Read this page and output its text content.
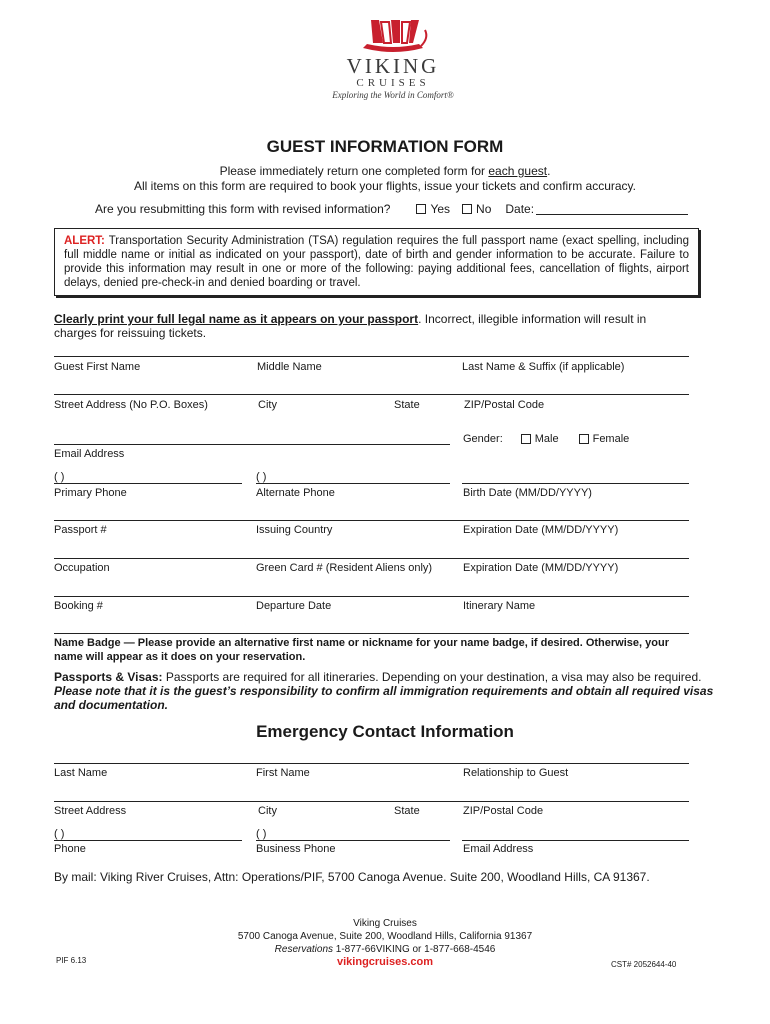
VIKING
CRUISES
Exploring the World in Comfort®
GUEST INFORMATION FORM
Please immediately return one completed form for each guest.
All items on this form are required to book your flights, issue your tickets and confirm accuracy.
Are you resubmitting this form with revised information?	Yes No Date:
ALERT: Transportation Security Administration (TSA) regulation requires the full passport name (exact spelling, including full middle name or initial as indicated on your passport), date of birth and gender information to be accurate. Failure to provide this information may result in one or more of the following: paying additional fees, cancellation of flights, airport delays, denied pre-check-in and denied boarding or travel.
Clearly print your full legal name as it appears on your passport. Incorrect, illegible information will result in charges for reissuing tickets.
Guest First Name	Middle Name	Last Name & Suffix (if applicable)
Street Address (No P.O. Boxes)	City	State	ZIP/Postal Code
Gender:	Male	Female
Email Address
( )	( )
Primary Phone	Alternate Phone	Birth Date (MM/DD/YYYY)
Passport #	Issuing Country	Expiration Date (MM/DD/YYYY)
Occupation	Green Card # (Resident Aliens only)	Expiration Date (MM/DD/YYYY)
Booking #	Departure Date	Itinerary Name
Name Badge — Please provide an alternative first name or nickname for your name badge, if desired. Otherwise, your name will appear as it does on your reservation.
Passports & Visas: Passports are required for all itineraries. Depending on your destination, a visa may also be required.
Please note that it is the guest’s responsibility to confirm all immigration requirements and obtain all required visas and documentation.
Emergency Contact Information
Last Name	First Name	Relationship to Guest
Street Address	City	State	ZIP/Postal Code
( )	( )
Phone	Business Phone	Email Address
By mail: Viking River Cruises, Attn: Operations/PIF, 5700 Canoga Avenue. Suite 200, Woodland Hills, CA 91367.
Viking Cruises
5700 Canoga Avenue, Suite 200, Woodland Hills, California 91367
Reservations 1-877-66VIKING or 1-877-668-4546
vikingcruises.com
PIF 6.13	CST# 2052644-40
